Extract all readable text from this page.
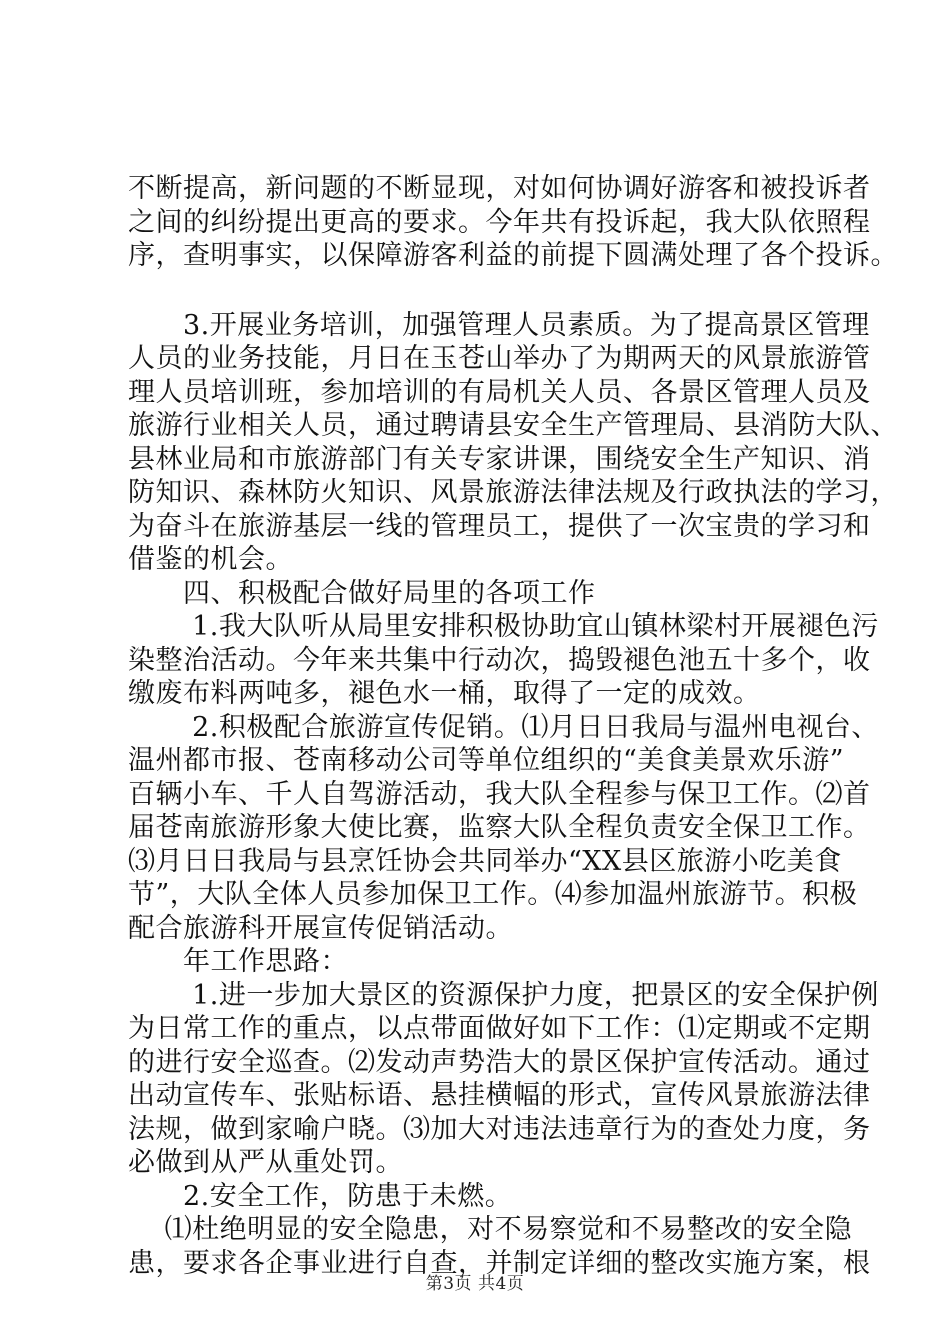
不断提高，新问题的不断显现，对如何协调好游客和被投诉者
之间的纠纷提出更高的要求。今年共有投诉起，我大队依照程
序，查明事实，以保障游客利益的前提下圆满处理了各个投诉。
　　3.开展业务培训，加强管理人员素质。为了提高景区管理
人员的业务技能，月日在玉苍山举办了为期两天的风景旅游管
理人员培训班，参加培训的有局机关人员、各景区管理人员及
旅游行业相关人员，通过聘请县安全生产管理局、县消防大队、
县林业局和市旅游部门有关专家讲课，围绕安全生产知识、消
防知识、森林防火知识、风景旅游法律法规及行政执法的学习，
为奋斗在旅游基层一线的管理员工，提供了一次宝贵的学习和
借鉴的机会。
　　四、积极配合做好局里的各项工作
　　 1.我大队听从局里安排积极协助宜山镇林梁村开展褪色污
染整治活动。今年来共集中行动次，捣毁褪色池五十多个，收
缴废布料两吨多，褪色水一桶，取得了一定的成效。
　　 2.积极配合旅游宣传促销。⑴月日日我局与温州电视台、
温州都市报、苍南移动公司等单位组织的“美食美景欢乐游”
百辆小车、千人自驾游活动，我大队全程参与保卫工作。⑵首
届苍南旅游形象大使比赛，监察大队全程负责安全保卫工作。
⑶月日日我局与县烹饪协会共同举办“XX县区旅游小吃美食
节”，大队全体人员参加保卫工作。⑷参加温州旅游节。积极
配合旅游科开展宣传促销活动。
　　年工作思路：
　　 1.进一步加大景区的资源保护力度，把景区的安全保护例
为日常工作的重点，以点带面做好如下工作：⑴定期或不定期
的进行安全巡查。⑵发动声势浩大的景区保护宣传活动。通过
出动宣传车、张贴标语、悬挂横幅的形式，宣传风景旅游法律
法规，做到家喻户晓。⑶加大对违法违章行为的查处力度，务
必做到从严从重处罚。
　　2.安全工作，防患于未燃。
　 ⑴杜绝明显的安全隐患，对不易察觉和不易整改的安全隐
患，要求各企事业进行自查，并制定详细的整改实施方案，根
第3页 共4页
